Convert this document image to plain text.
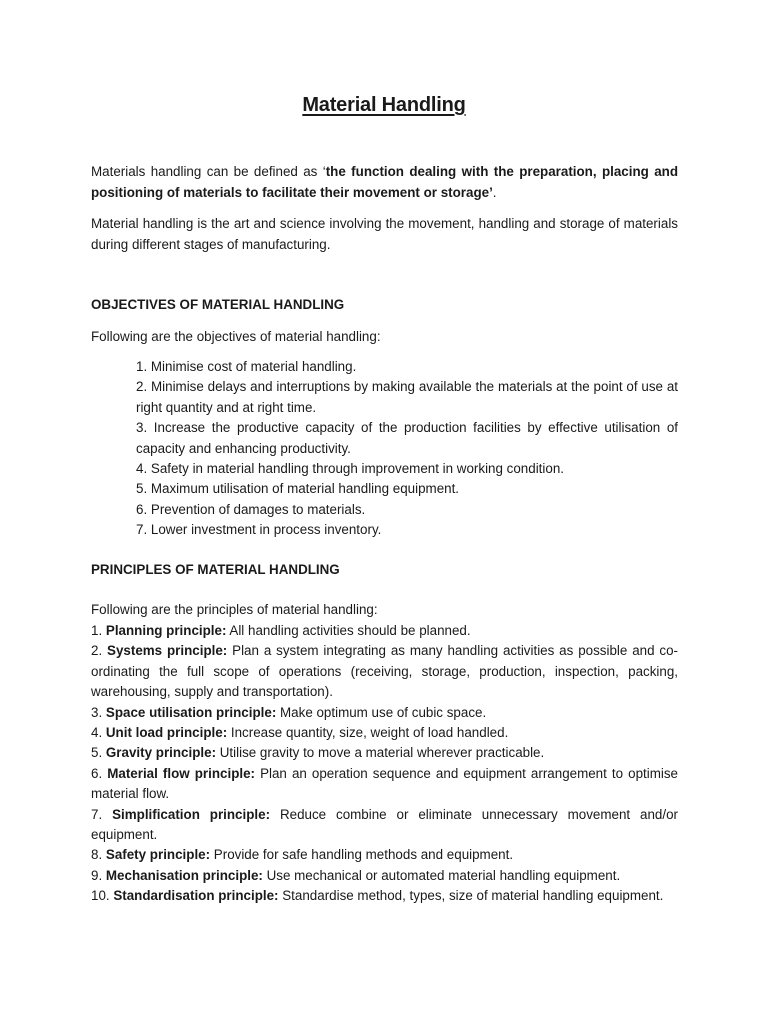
Material Handling

Materials handling can be defined as ‘the function dealing with the preparation, placing and positioning of materials to facilitate their movement or storage’.

Material handling is the art and science involving the movement, handling and storage of materials during different stages of manufacturing.

OBJECTIVES OF MATERIAL HANDLING

Following are the objectives of material handling:

1. Minimise cost of material handling.

2. Minimise delays and interruptions by making available the materials at the point of use at right quantity and at right time.

3. Increase the productive capacity of the production facilities by effective utilisation of capacity and enhancing productivity.

4. Safety in material handling through improvement in working condition.

5. Maximum utilisation of material handling equipment.

6. Prevention of damages to materials.

7. Lower investment in process inventory.

PRINCIPLES OF MATERIAL HANDLING

Following are the principles of material handling:

1. Planning principle: All handling activities should be planned.

2. Systems principle: Plan a system integrating as many handling activities as possible and co-ordinating the full scope of operations (receiving, storage, production, inspection, packing, warehousing, supply and transportation).

3. Space utilisation principle: Make optimum use of cubic space.

4. Unit load principle: Increase quantity, size, weight of load handled.

5. Gravity principle: Utilise gravity to move a material wherever practicable.

6. Material flow principle: Plan an operation sequence and equipment arrangement to optimise material flow.

7. Simplification principle: Reduce combine or eliminate unnecessary movement and/or equipment.

8. Safety principle: Provide for safe handling methods and equipment.

9. Mechanisation principle: Use mechanical or automated material handling equipment.

10. Standardisation principle: Standardise method, types, size of material handling equipment.
